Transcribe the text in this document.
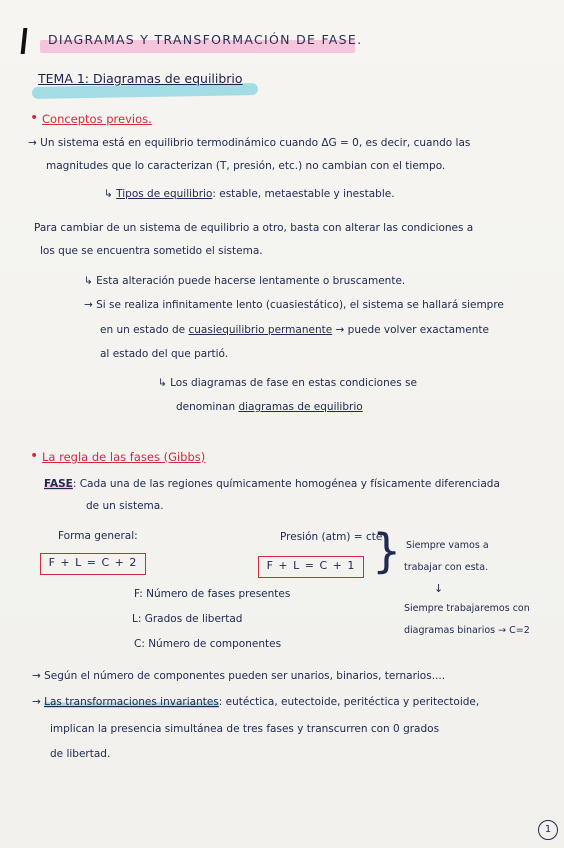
DIAGRAMAS Y TRANSFORMACIÓN DE FASE.
TEMA 1: Diagramas de equilibrio
• Conceptos previos.
→ Un sistema está en equilibrio termodinámico cuando ΔG = 0, es decir, cuando las
magnitudes que lo caracterizan (T, presión, etc.) no cambian con el tiempo.
↳ Tipos de equilibrio: estable, metaestable y inestable.
Para cambiar de un sistema de equilibrio a otro, basta con alterar las condiciones a
los que se encuentra sometido el sistema.
↳ Esta alteración puede hacerse lentamente o bruscamente.
→ Si se realiza infinitamente lento (cuasiestático), el sistema se hallará siempre
en un estado de cuasiequilibrio permanente → puede volver exactamente
al estado del que partió.
↳ Los diagramas de fase en estas condiciones se
denominan diagramas de equilibrio
• La regla de las fases (Gibbs)
FASE: Cada una de las regiones químicamente homogénea y físicamente diferenciada
de un sistema.
Forma general:
F + L = C + 2
Presión (atm) = cte
F + L = C + 1 } Siempre vamos a
trabajar con esta.
↓
Siempre trabajaremos con
diagramas binarios → C=2
F: Número de fases presentes
L: Grados de libertad
C: Número de componentes
→ Según el número de componentes pueden ser unarios, binarios, ternarios....
→ Las transformaciones invariantes: eutéctica, eutectoide, peritéctica y peritectoide,
implican la presencia simultánea de tres fases y transcurren con 0 grados
de libertad.
1
